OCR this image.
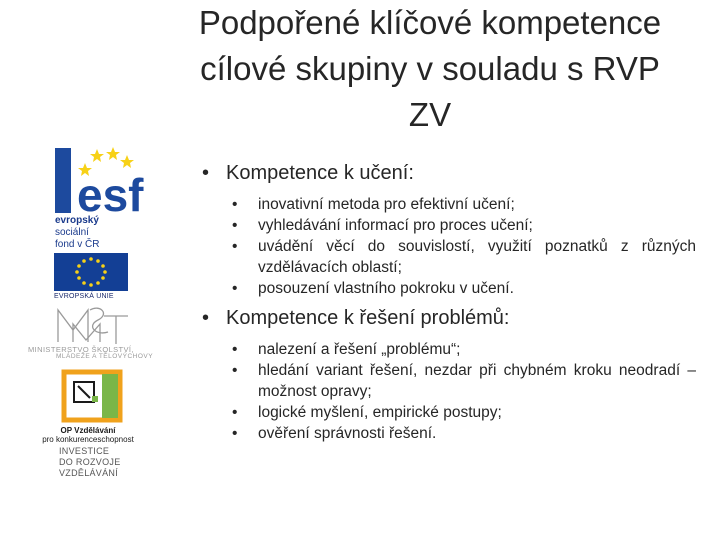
Podpořené klíčové kompetence
cílové skupiny v souladu s RVP
ZV
esf
evropský
sociální
fond v ČR
EVROPSKÁ UNIE
MINISTERSTVO ŠKOLSTVÍ,
MLÁDEŽE A TĚLOVÝCHOVY
OP Vzdělávání
pro konkurenceschopnost
INVESTICE
DO ROZVOJE
VZDĚLÁVÁNÍ
• Kompetence k učení:
• inovativní metoda pro efektivní učení;
• vyhledávání informací pro proces učení;
• uvádění věcí do souvislostí, využití poznatků z různých vzdělávacích oblastí;
• posouzení vlastního pokroku v učení.
• Kompetence k řešení problémů:
• nalezení a řešení „problému“;
• hledání variant řešení, nezdar při chybném kroku neodradí – možnost opravy;
• logické myšlení, empirické postupy;
• ověření správnosti řešení.
